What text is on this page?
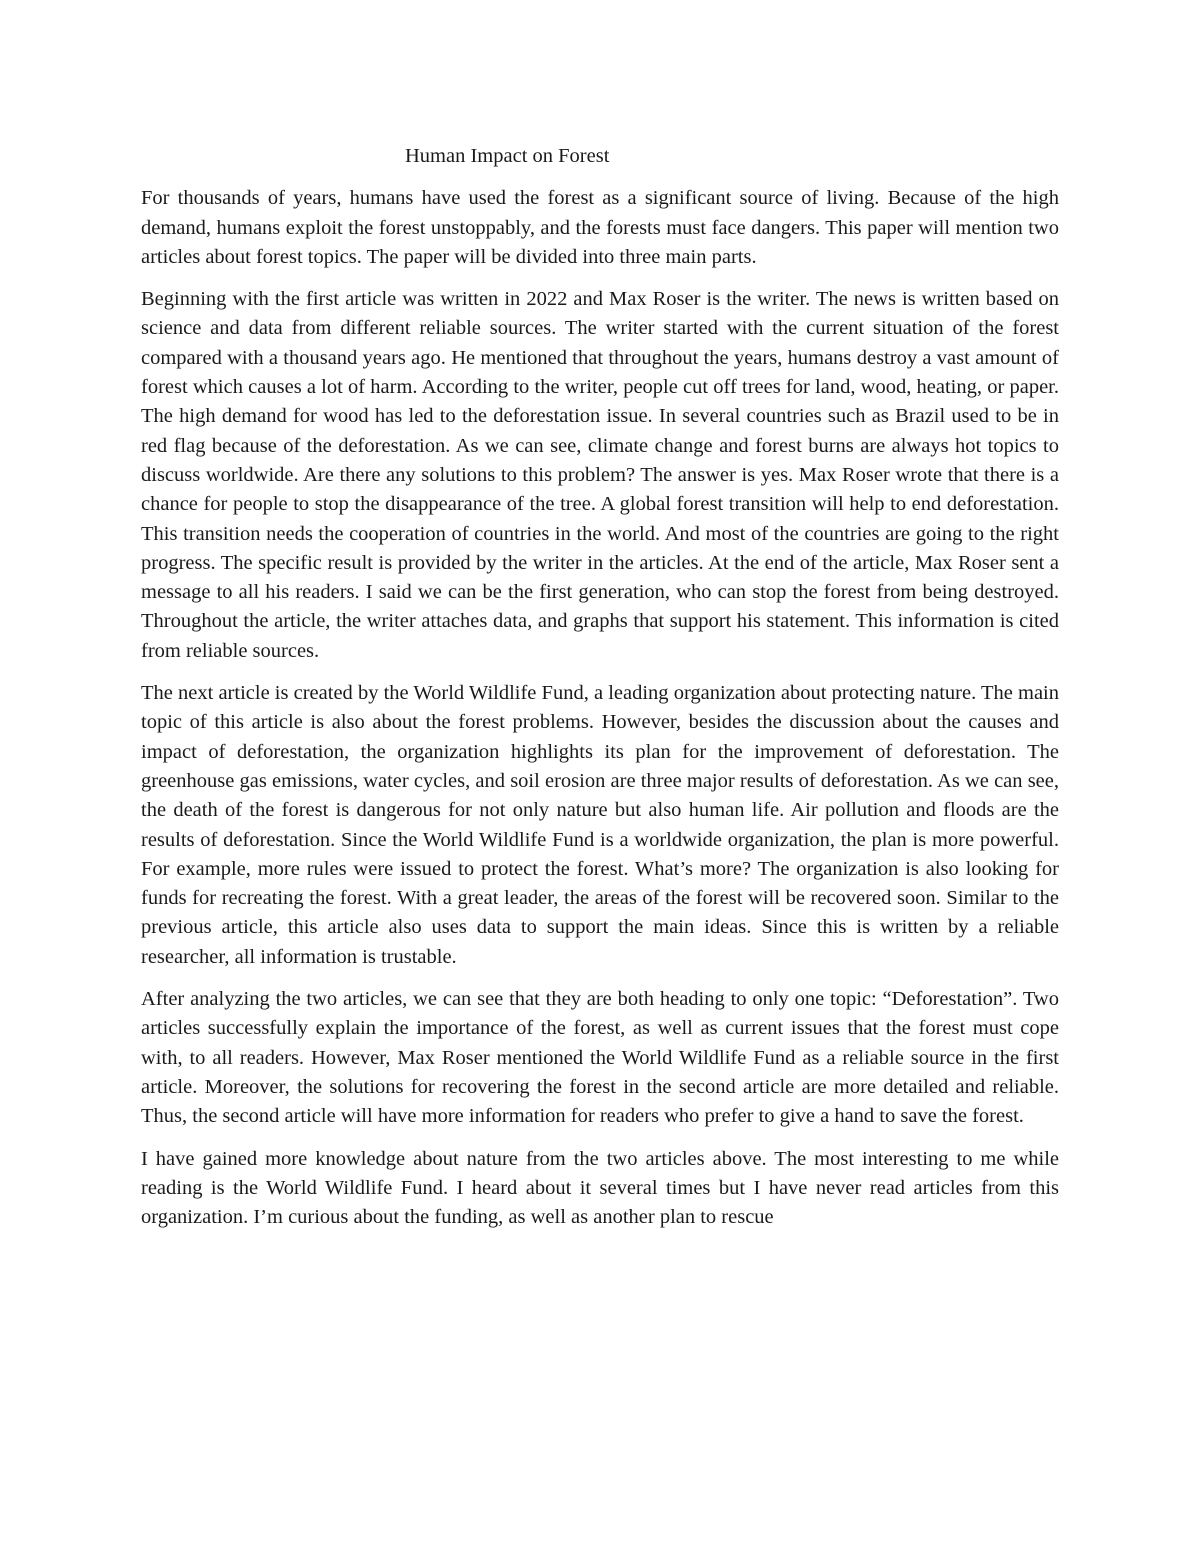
Human Impact on Forest

For thousands of years, humans have used the forest as a significant source of living. Because of the high demand, humans exploit the forest unstoppably, and the forests must face dangers. This paper will mention two articles about forest topics. The paper will be divided into three main parts.

Beginning with the first article was written in 2022 and Max Roser is the writer. The news is written based on science and data from different reliable sources. The writer started with the current situation of the forest compared with a thousand years ago. He mentioned that throughout the years, humans destroy a vast amount of forest which causes a lot of harm. According to the writer, people cut off trees for land, wood, heating, or paper. The high demand for wood has led to the deforestation issue. In several countries such as Brazil used to be in red flag because of the deforestation. As we can see, climate change and forest burns are always hot topics to discuss worldwide. Are there any solutions to this problem? The answer is yes. Max Roser wrote that there is a chance for people to stop the disappearance of the tree. A global forest transition will help to end deforestation. This transition needs the cooperation of countries in the world. And most of the countries are going to the right progress. The specific result is provided by the writer in the articles. At the end of the article, Max Roser sent a message to all his readers. I said we can be the first generation, who can stop the forest from being destroyed. Throughout the article, the writer attaches data, and graphs that support his statement. This information is cited from reliable sources.

The next article is created by the World Wildlife Fund, a leading organization about protecting nature. The main topic of this article is also about the forest problems. However, besides the discussion about the causes and impact of deforestation, the organization highlights its plan for the improvement of deforestation. The greenhouse gas emissions, water cycles, and soil erosion are three major results of deforestation. As we can see, the death of the forest is dangerous for not only nature but also human life. Air pollution and floods are the results of deforestation. Since the World Wildlife Fund is a worldwide organization, the plan is more powerful. For example, more rules were issued to protect the forest. What’s more? The organization is also looking for funds for recreating the forest. With a great leader, the areas of the forest will be recovered soon. Similar to the previous article, this article also uses data to support the main ideas. Since this is written by a reliable researcher, all information is trustable.

After analyzing the two articles, we can see that they are both heading to only one topic: “Deforestation”. Two articles successfully explain the importance of the forest, as well as current issues that the forest must cope with, to all readers. However, Max Roser mentioned the World Wildlife Fund as a reliable source in the first article. Moreover, the solutions for recovering the forest in the second article are more detailed and reliable. Thus, the second article will have more information for readers who prefer to give a hand to save the forest.

I have gained more knowledge about nature from the two articles above. The most interesting to me while reading is the World Wildlife Fund. I heard about it several times but I have never read articles from this organization. I’m curious about the funding, as well as another plan to rescue
